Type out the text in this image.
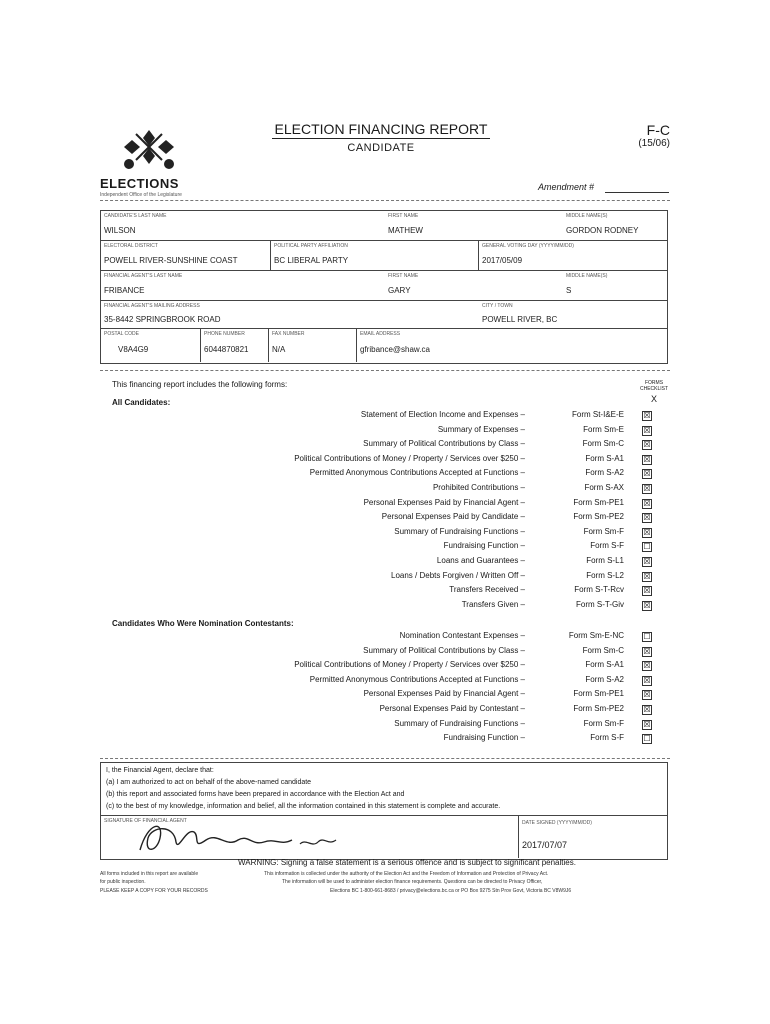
ELECTIONS
Independent Office of the Legislature
ELECTION FINANCING REPORT
CANDIDATE
F-C
(15/06)
Amendment #
CANDIDATE'S LAST NAME
WILSON
FIRST NAME
MATHEW
MIDDLE NAME(S)
GORDON RODNEY
ELECTORAL DISTRICT
POWELL RIVER-SUNSHINE COAST
POLITICAL PARTY AFFILIATION
BC LIBERAL PARTY
GENERAL VOTING DAY (YYYY/MM/DD)
2017/05/09
FINANCIAL AGENT'S LAST NAME
FRIBANCE
FIRST NAME
GARY
MIDDLE NAME(S)
S
FINANCIAL AGENT'S MAILING ADDRESS
35-8442 SPRINGBROOK ROAD
CITY / TOWN
POWELL RIVER, BC
POSTAL CODE
V8A4G9
PHONE NUMBER
6044870821
FAX NUMBER
N/A
EMAIL ADDRESS
gfribance@shaw.ca
This financing report includes the following forms:	FORMS
CHECKLIST
X
All Candidates:
Candidates Who Were Nomination Contestants:
Statement of Election Income and Expenses –	Form St-I&E-E ☒
Summary of Expenses –	Form Sm-E ☒
Summary of Political Contributions by Class –	Form Sm-C ☒
Political Contributions of Money / Property / Services over $250 –	Form S-A1 ☒
Permitted Anonymous Contributions Accepted at Functions –	Form S-A2 ☒
Prohibited Contributions –	Form S-AX ☒
Personal Expenses Paid by Financial Agent –	Form Sm-PE1 ☒
Personal Expenses Paid by Candidate –	Form Sm-PE2 ☒
Summary of Fundraising Functions –	Form Sm-F ☒
Fundraising Function –	Form S-F ☐
Loans and Guarantees –	Form S-L1 ☒
Loans / Debts Forgiven / Written Off –	Form S-L2 ☒
Transfers Received –	Form S-T-Rcv ☒
Transfers Given –	Form S-T-Giv ☒
Nomination Contestant Expenses –	Form Sm-E-NC ☐
Summary of Political Contributions by Class –	Form Sm-C ☒
Political Contributions of Money / Property / Services over $250 –	Form S-A1 ☒
Permitted Anonymous Contributions Accepted at Functions –	Form S-A2 ☒
Personal Expenses Paid by Financial Agent –	Form Sm-PE1 ☒
Personal Expenses Paid by Contestant –	Form Sm-PE2 ☒
Summary of Fundraising Functions –	Form Sm-F ☒
Fundraising Function –	Form S-F ☐
I, the Financial Agent, declare that:
(a) I am authorized to act on behalf of the above-named candidate
(b) this report and associated forms have been prepared in accordance with the Election Act and
(c) to the best of my knowledge, information and belief, all the information contained in this statement is complete and accurate.
SIGNATURE OF FINANCIAL AGENT	DATE SIGNED (YYYY/MM/DD)
2017/07/07
WARNING: Signing a false statement is a serious offence and is subject to significant penalties.
All forms included in this report are available
for public inspection.
PLEASE KEEP A COPY FOR YOUR RECORDS
This information is collected under the authority of the Election Act and the Freedom of Information and Protection of Privacy Act.
The information will be used to administer election finance requirements. Questions can be directed to Privacy Officer,
Elections BC 1-800-661-8683 / privacy@elections.bc.ca or PO Box 9275 Stn Prov Govt, Victoria BC V8W9J6
